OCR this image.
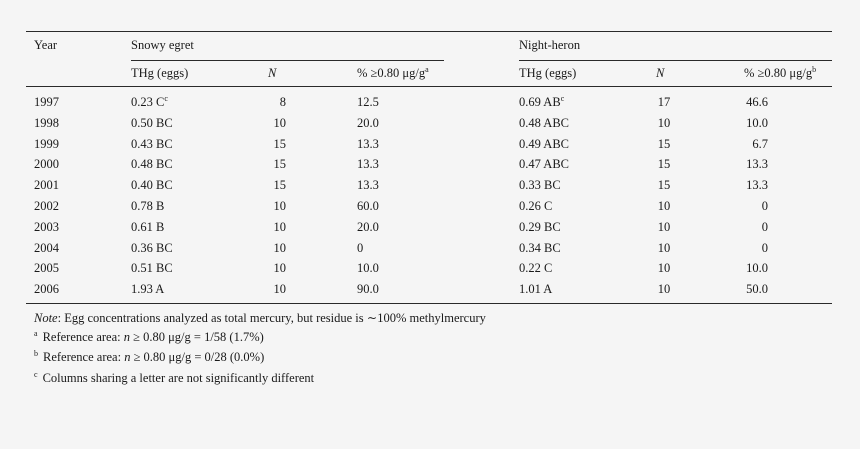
Year	Snowy egret	Night-heron
THg (eggs)	N	% ≥0.80 $\mu g/g^a$	THg (eggs)	N	% ≥0.80 $\mu g/g^b$
1997	0.23 $C^c$	8	12.5	0.69 $AB^c$	17	46.6
1998	0.50 BC	10	20.0	0.48 ABC	10	10.0
1999	0.43 BC	15	13.3	0.49 ABC	15	6.7
2000	0.48 BC	15	13.3	0.47 ABC	15	13.3
2001	0.40 BC	15	13.3	0.33 BC	15	13.3
2002	0.78 B	10	60.0	0.26 C	10	0
2003	0.61 B	10	20.0	0.29 BC	10	0
2004	0.36 BC	10	0	0.34 BC	10	0
2005	0.51 BC	10	10.0	0.22 C	10	10.0
2006	1.93 A	10	90.0	1.01 A	10	50.0
Note: Egg concentrations analyzed as total mercury, but residue is ∼100% methylmercury
$^a$ Reference area: n ≥ 0.80 μg/g = 1/58 (1.7%)
$^b$ Reference area: n ≥ 0.80 μg/g = 0/28 (0.0%)
$^c$ Columns sharing a letter are not significantly different
